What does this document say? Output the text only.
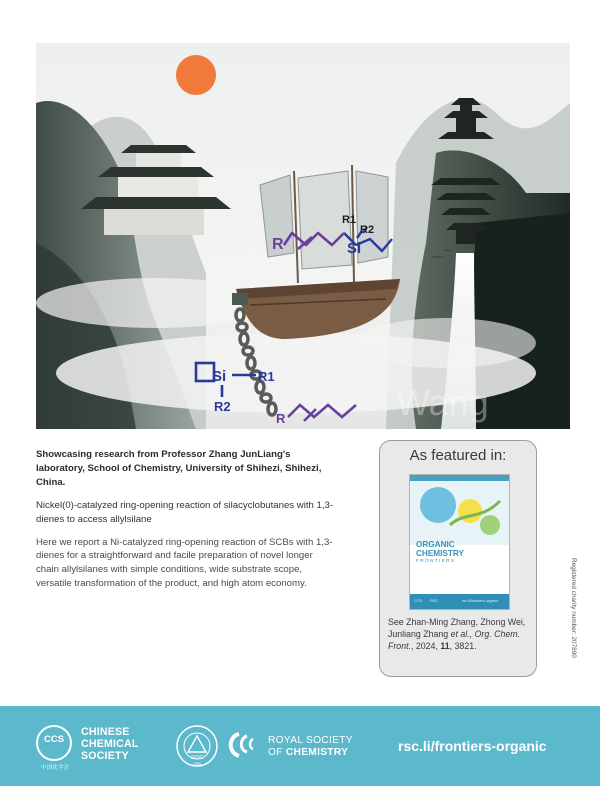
R	Si
R1
R2
Si R1
R2
R	Wang

Showcasing research from Professor Zhang JunLiang's laboratory, School of Chemistry, University of Shihezi, Shihezi, China.

Nickel(0)-catalyzed ring-opening reaction of silacyclobutanes with 1,3-dienes to access allylsilane

Here we report a Ni-catalyzed ring-opening reaction of SCBs with 1,3-dienes for a straightforward and facile preparation of novel longer chain allylsilanes with simple conditions, wide substrate scope, versatile transformation of the product, and high atom economy.

As featured in:
ORGANIC
CHEMISTRY
FRONTIERS
CCS RSC	rsc.li/frontiers-organic

See Zhan-Ming Zhang, Zhong Wei, Junliang Zhang et al., Org. Chem. Front., 2024, 11, 3821.	Registered charity number: 207890
CCS
中国化学会
CHINESE
CHEMICAL
SOCIETY	SIOC
1950
ROYAL SOCIETY
OF CHEMISTRY	rsc.li/frontiers-organic
